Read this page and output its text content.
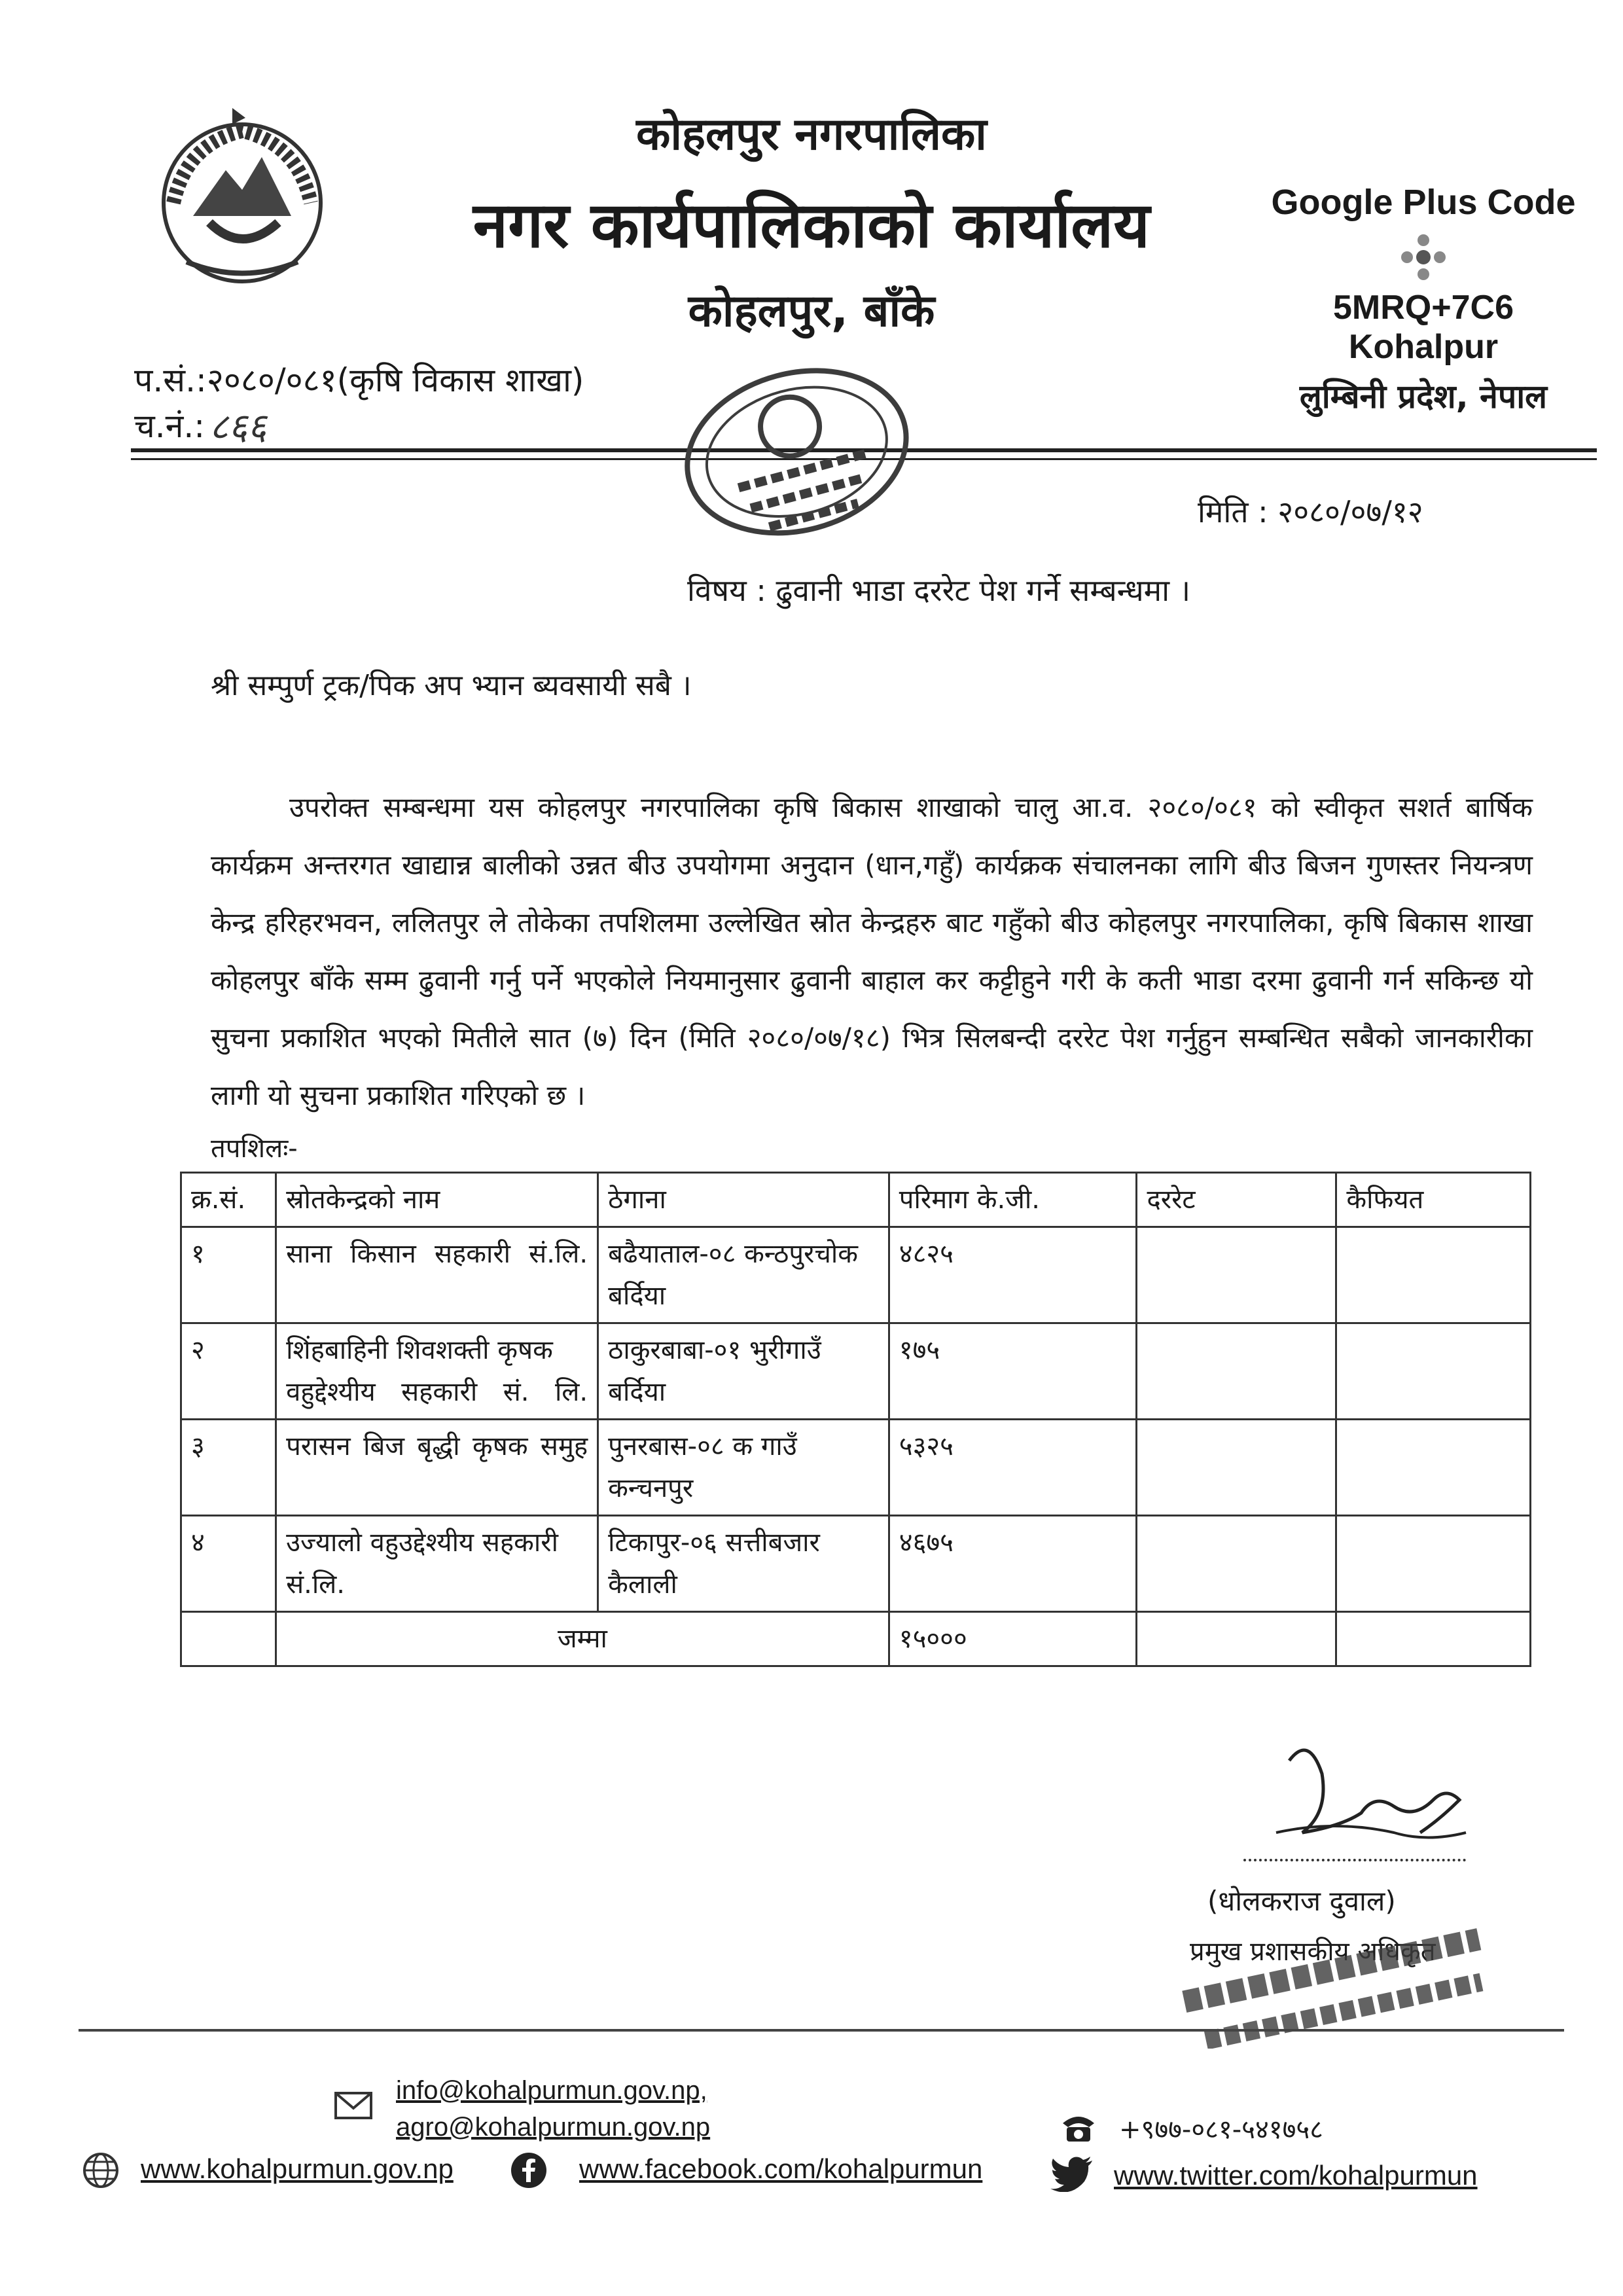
कोहलपुर नगरपालिका
नगर कार्यपालिकाको कार्यालय
कोहलपुर, बाँके
Google Plus Code
5MRQ+7C6
Kohalpur
लुम्बिनी प्रदेश, नेपाल
प.सं.:२०८०/०८१(कृषि विकास शाखा)
च.नं.: ८६६
मिति : २०८०/०७/१२
विषय : ढुवानी भाडा दररेट पेश गर्ने सम्बन्धमा ।
श्री सम्पुर्ण ट्रक/पिक अप भ्यान ब्यवसायी सबै ।
उपरोक्त सम्बन्धमा यस कोहलपुर नगरपालिका कृषि बिकास शाखाको चालु आ.व. २०८०/०८१ को स्वीकृत सशर्त बार्षिक कार्यक्रम अन्तरगत खाद्यान्न बालीको उन्नत बीउ उपयोगमा अनुदान (धान,गहुँ) कार्यक्रक संचालनका लागि बीउ बिजन गुणस्तर नियन्त्रण केन्द्र हरिहरभवन, ललितपुर ले तोकेका तपशिलमा उल्लेखित स्रोत केन्द्रहरु बाट गहुँको बीउ कोहलपुर नगरपालिका, कृषि बिकास शाखा कोहलपुर बाँके सम्म ढुवानी गर्नु पर्ने भएकोले नियमानुसार ढुवानी बाहाल कर कट्टीहुने गरी के कती भाडा दरमा ढुवानी गर्न सकिन्छ यो सुचना प्रकाशित भएको मितीले सात (७) दिन (मिति २०८०/०७/१८) भित्र सिलबन्दी दररेट पेश गर्नुहुन सम्बन्धित सबैको जानकारीका लागी यो सुचना प्रकाशित गरिएको छ ।
तपशिलः-
क्र.सं.	स्रोतकेन्द्रको नाम	ठेगाना	परिमाग के.जी.	दररेट	कैफियत
१	साना किसान सहकारी सं.लि.	बढैयाताल-०८ कन्ठपुरचोक बर्दिया	४८२५		
२	शिंहबाहिनी शिवशक्ती कृषक वहुद्देश्यीय सहकारी सं. लि.	ठाकुरबाबा-०१ भुरीगाउँ बर्दिया	१७५		
३	परासन बिज बृद्धी कृषक समुह	पुनरबास-०८ क गाउँ कन्चनपुर	५३२५		
४	उज्यालो वहुउद्देश्यीय सहकारी सं.लि.	टिकापुर-०६ सत्तीबजार कैलाली	४६७५		
	जम्मा		१५०००		
(धोलकराज दुवाल)
प्रमुख प्रशासकीय अधिकृत
info@kohalpurmun.gov.np,
agro@kohalpurmun.gov.np	+९७७-०८१-५४१७५८
www.kohalpurmun.gov.np	www.facebook.com/kohalpurmun	www.twitter.com/kohalpurmun
